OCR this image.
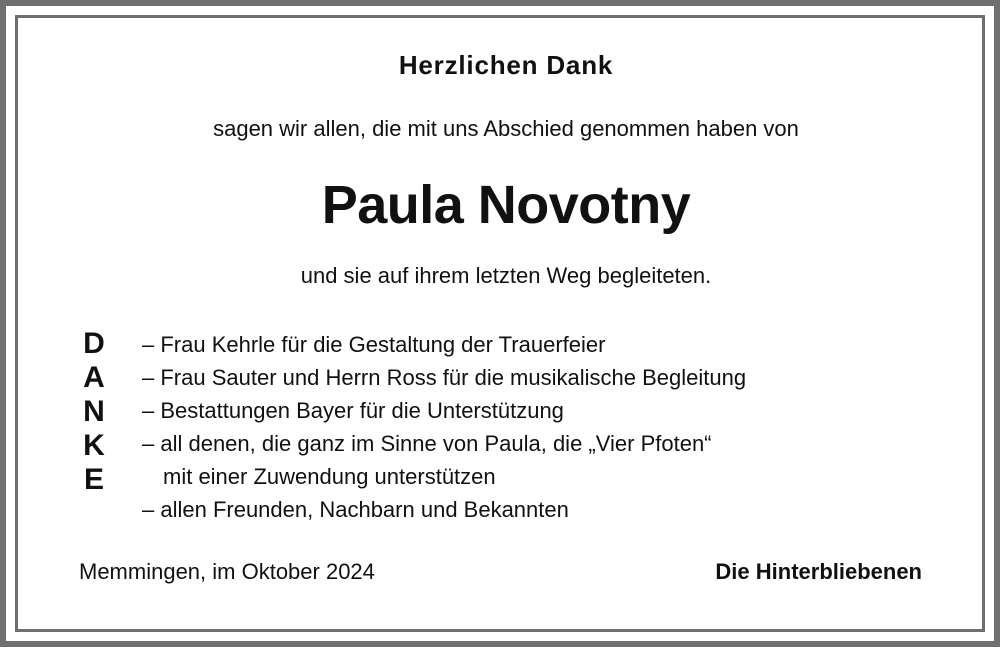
Herzlichen Dank
sagen wir allen, die mit uns Abschied genommen haben von
Paula Novotny
und sie auf ihrem letzten Weg begleiteten.
D
A
N
K
E
– Frau Kehrle für die Gestaltung der Trauerfeier
– Frau Sauter und Herrn Ross für die musikalische Begleitung
– Bestattungen Bayer für die Unterstützung
– all denen, die ganz im Sinne von Paula, die „Vier Pfoten“
mit einer Zuwendung unterstützen
– allen Freunden, Nachbarn und Bekannten
Memmingen, im Oktober 2024	Die Hinterbliebenen
